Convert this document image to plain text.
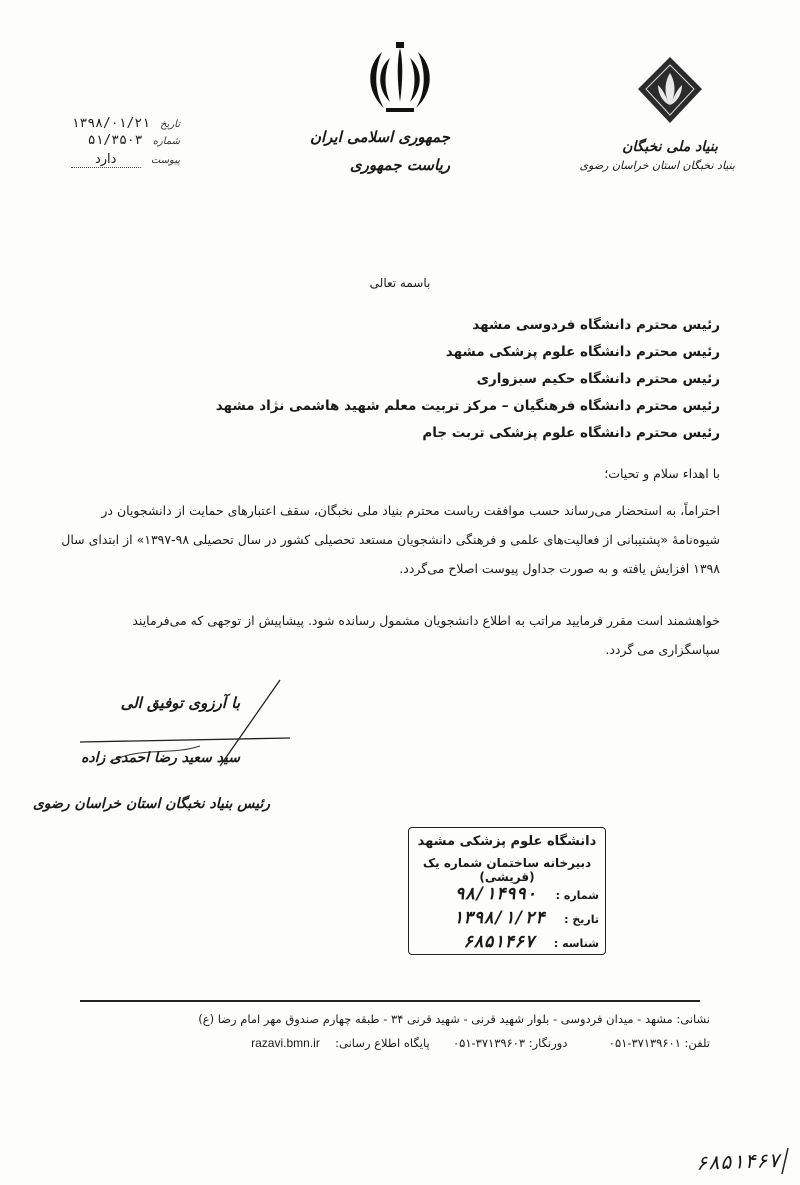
جمهوری اسلامی ایران
ریاست جمهوری
بنیاد ملی نخبگان
بنیاد نخبگان استان خراسان رضوی
تاریخ ۱۳۹۸/۰۱/۲۱
شماره ۵۱/۳۵۰۳
پیوست دارد
باسمه تعالی
رئیس محترم دانشگاه فردوسی مشهد
رئیس محترم دانشگاه علوم پزشکی مشهد
رئیس محترم دانشگاه حکیم سبزواری
رئیس محترم دانشگاه فرهنگیان – مرکز تربیت معلم شهید هاشمی نژاد مشهد
رئیس محترم دانشگاه علوم پزشکی تربت جام
با اهداء سلام و تحیات؛
احتراماً، به استحضار می‌رساند حسب موافقت ریاست محترم بنیاد ملی نخبگان، سقف اعتبارهای حمایت از دانشجویان در
شیوه‌نامهٔ «پشتیبانی از فعالیت‌های علمی و فرهنگی دانشجویان مستعد تحصیلی کشور در سال تحصیلی ۹۸-۱۳۹۷» از ابتدای سال
۱۳۹۸ افزایش یافته و به صورت جداول پیوست اصلاح می‌گردد.
خواهشمند است مقرر فرمایید مراتب به اطلاع دانشجویان مشمول رسانده شود. پیشاپیش از توجهی که می‌فرمایند
سپاسگزاری می گردد.
با آرزوی توفیق الی
سید سعید رضا احمدی زاده
رئیس بنیاد نخبگان استان خراسان رضوی
دانشگاه علوم پزشکی مشهد
دبیرخانه ساختمان شماره یک (قریشی)
شماره : ۹۸/۱۴۹۹۰
تاریخ : ۱۳۹۸/۱/۲۴
شناسه : ۶۸۵۱۴۶۷
نشانی: مشهد - میدان فردوسی - بلوار شهید قرنی - شهید قرنی ۳۴ - طبقه چهارم صندوق مهر امام رضا (ع)
تلفن: ۳۷۱۳۹۶۰۱-۰۵۱  دورنگار: ۳۷۱۳۹۶۰۳-۰۵۱  پایگاه اطلاع رسانی:  razavi.bmn.ir
۶۸۵۱۴۶۷
